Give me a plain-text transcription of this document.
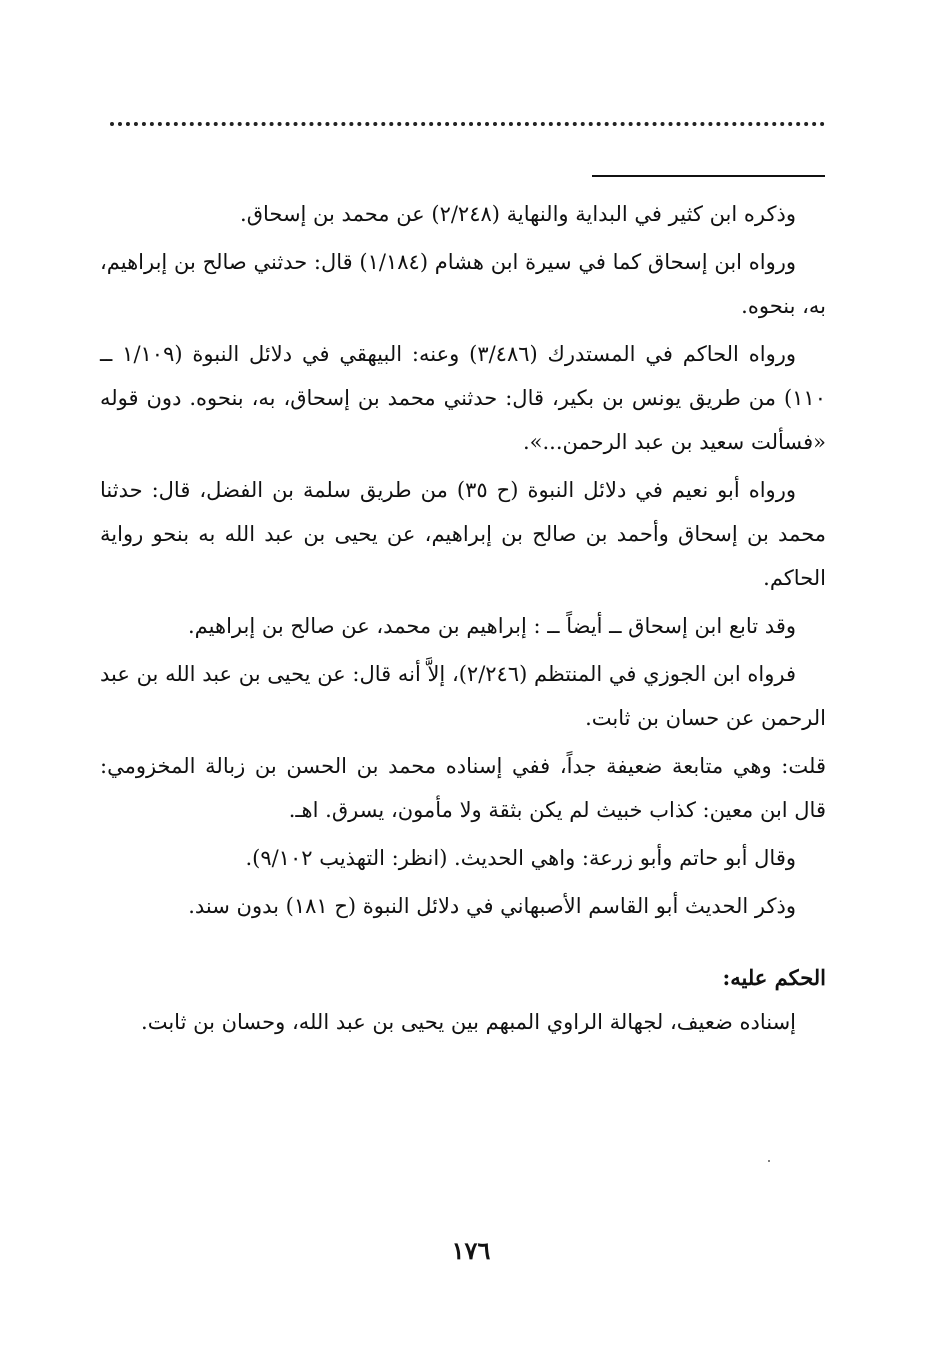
وذكره ابن كثير في البداية والنهاية (٢/٢٤٨) عن محمد بن إسحاق.

ورواه ابن إسحاق كما في سيرة ابن هشام (١/١٨٤) قال: حدثني صالح بن إبراهيم، به، بنحوه.

ورواه الحاكم في المستدرك (٣/٤٨٦) وعنه: البيهقي في دلائل النبوة (١/١٠٩ ــ ١١٠) من طريق يونس بن بكير، قال: حدثني محمد بن إسحاق، به، بنحوه. دون قوله «فسألت سعيد بن عبد الرحمن...».

ورواه أبو نعيم في دلائل النبوة (ح ٣٥) من طريق سلمة بن الفضل، قال: حدثنا محمد بن إسحاق وأحمد بن صالح بن إبراهيم، عن يحيى بن عبد الله به بنحو رواية الحاكم.

وقد تابع ابن إسحاق ــ أيضاً ــ : إبراهيم بن محمد، عن صالح بن إبراهيم.

فرواه ابن الجوزي في المنتظم (٢/٢٤٦)، إلاَّ أنه قال: عن يحيى بن عبد الله بن عبد الرحمن عن حسان بن ثابت.

قلت: وهي متابعة ضعيفة جداً، ففي إسناده محمد بن الحسن بن زبالة المخزومي: قال ابن معين: كذاب خبيث لم يكن بثقة ولا مأمون، يسرق. اهـ.

وقال أبو حاتم وأبو زرعة: واهي الحديث. (انظر: التهذيب ٩/١٠٢).

وذكر الحديث أبو القاسم الأصبهاني في دلائل النبوة (ح ١٨١) بدون سند.

الحكم عليه:

إسناده ضعيف، لجهالة الراوي المبهم بين يحيى بن عبد الله، وحسان بن ثابت.

١٧٦
